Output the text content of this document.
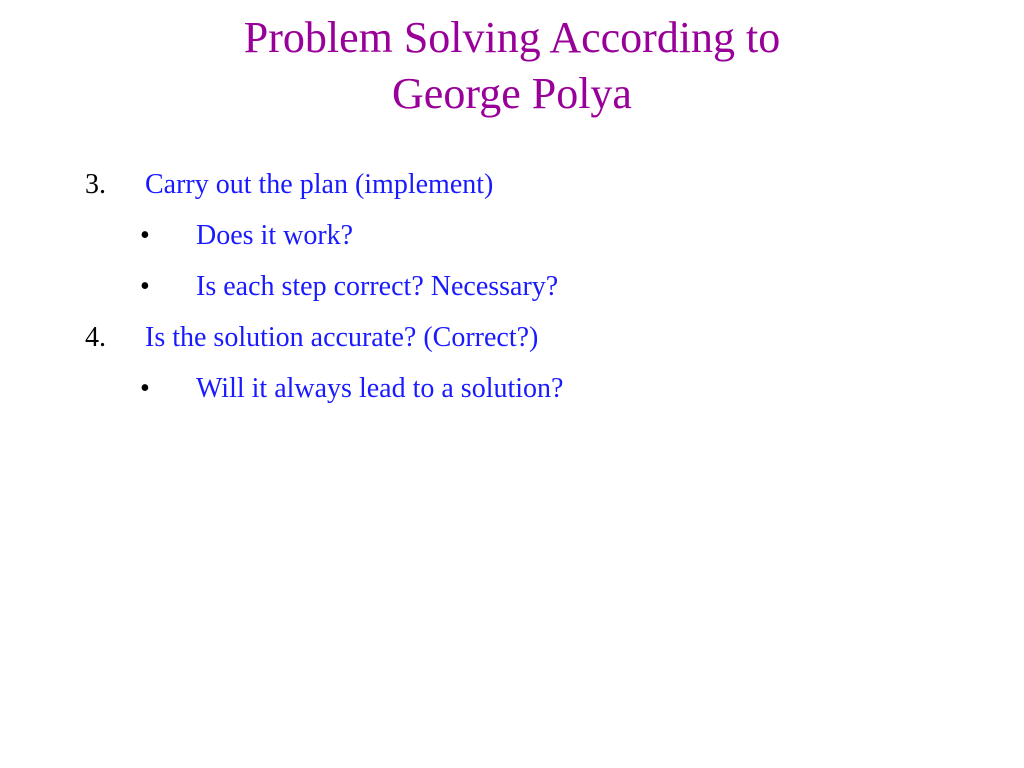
Problem Solving According to
George Polya
3. Carry out the plan (implement)
• Does it work?
• Is each step correct? Necessary?
4. Is the solution accurate? (Correct?)
• Will it always lead to a solution?
